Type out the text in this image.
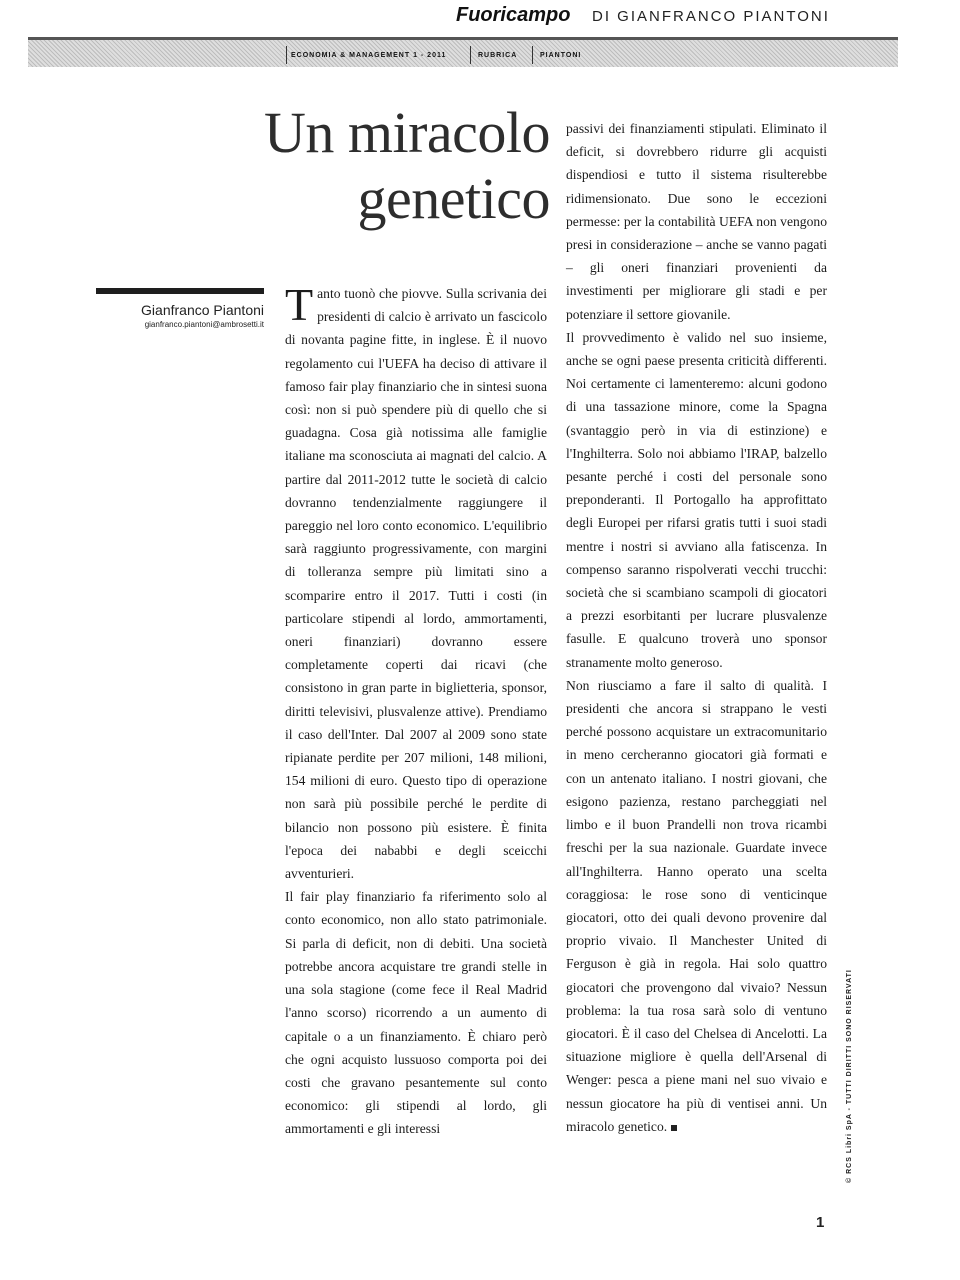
Fuoricampo DI GIANFRANCO PIANTONI
ECONOMIA & MANAGEMENT 1 - 2011	RUBRICA	PIANTONI
Un miracolo
genetico
Gianfranco Piantoni
gianfranco.piantoni@ambrosetti.it Tanto tuonò che piovve. Sulla scrivania dei presidenti di calcio è arrivato un fascicolo di novanta pagine fitte, in inglese. È il nuovo regolamento cui l'UEFA ha deciso di attivare il famoso fair play finanziario che in sintesi suona così: non si può spendere più di quello che si guadagna. Cosa già notissima alle famiglie italiane ma sconosciuta ai magnati del calcio. A partire dal 2011-2012 tutte le società di calcio dovranno tendenzialmente raggiungere il pareggio nel loro conto economico. L'equilibrio sarà raggiunto progressivamente, con margini di tolleranza sempre più limitati sino a scomparire entro il 2017. Tutti i costi (in particolare stipendi al lordo, ammortamenti, oneri finanziari) dovranno essere completamente coperti dai ricavi (che consistono in gran parte in biglietteria, sponsor, diritti televisivi, plusvalenze attive). Prendiamo il caso dell'Inter. Dal 2007 al 2009 sono state ripianate perdite per 207 milioni, 148 milioni, 154 milioni di euro. Questo tipo di operazione non sarà più possibile perché le perdite di bilancio non possono più esistere. È finita l'epoca dei nababbi e degli sceicchi avventurieri.

Il fair play finanziario fa riferimento solo al conto economico, non allo stato patrimoniale. Si parla di deficit, non di debiti. Una società potrebbe ancora acquistare tre grandi stelle in una sola stagione (come fece il Real Madrid l'anno scorso) ricorrendo a un aumento di capitale o a un finanziamento. È chiaro però che ogni acquisto lussuoso comporta poi dei costi che gravano pesantemente sul conto economico: gli stipendi al lordo, gli ammortamenti e gli interessi

passivi dei finanziamenti stipulati. Eliminato il deficit, si dovrebbero ridurre gli acquisti dispendiosi e tutto il sistema risulterebbe ridimensionato. Due sono le eccezioni permesse: per la contabilità UEFA non vengono presi in considerazione – anche se vanno pagati – gli oneri finanziari provenienti da investimenti per migliorare gli stadi e per potenziare il settore giovanile.

Il provvedimento è valido nel suo insieme, anche se ogni paese presenta criticità differenti. Noi certamente ci lamenteremo: alcuni godono di una tassazione minore, come la Spagna (svantaggio però in via di estinzione) e l'Inghilterra. Solo noi abbiamo l'IRAP, balzello pesante perché i costi del personale sono preponderanti. Il Portogallo ha approfittato degli Europei per rifarsi gratis tutti i suoi stadi mentre i nostri si avviano alla fatiscenza. In compenso saranno rispolverati vecchi trucchi: società che si scambiano scampoli di giocatori a prezzi esorbitanti per lucrare plusvalenze fasulle. E qualcuno troverà uno sponsor stranamente molto generoso.

Non riusciamo a fare il salto di qualità. I presidenti che ancora si strappano le vesti perché possono acquistare un extracomunitario in meno cercheranno giocatori già formati e con un antenato italiano. I nostri giovani, che esigono pazienza, restano parcheggiati nel limbo e il buon Prandelli non trova ricambi freschi per la sua nazionale. Guardate invece all'Inghilterra. Hanno operato una scelta coraggiosa: le rose sono di venticinque giocatori, otto dei quali devono provenire dal proprio vivaio. Il Manchester United di Ferguson è già in regola. Hai solo quattro giocatori che provengono dal vivaio? Nessun problema: la tua rosa sarà solo di ventuno giocatori. È il caso del Chelsea di Ancelotti. La situazione migliore è quella dell'Arsenal di Wenger: pesca a piene mani nel suo vivaio e nessun giocatore ha più di ventisei anni. Un miracolo genetico.	© RCS Libri SpA - TUTTI DIRITTI SONO RISERVATI
1
